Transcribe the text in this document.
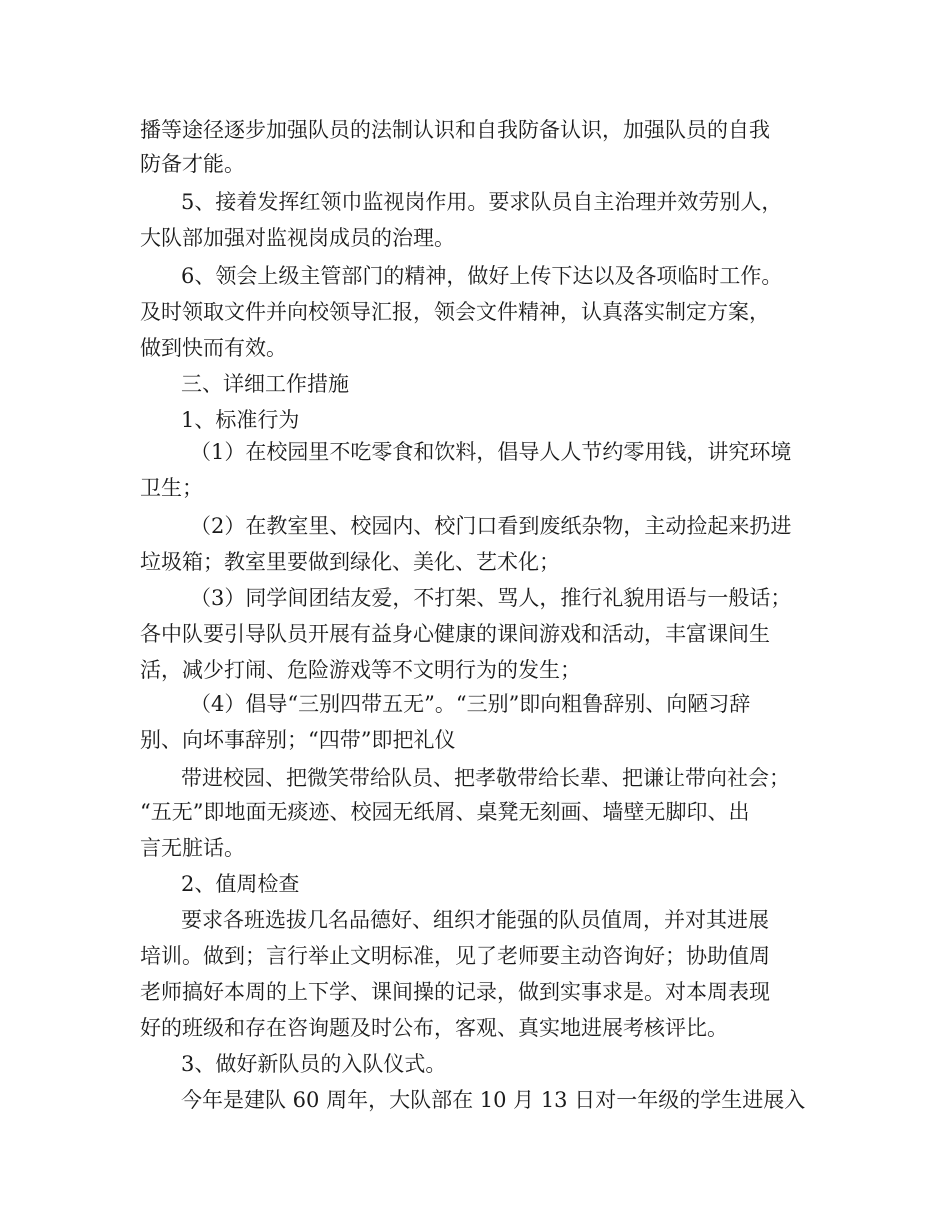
播等途径逐步加强队员的法制认识和自我防备认识，加强队员的自我
防备才能。
5、接着发挥红领巾监视岗作用。要求队员自主治理并效劳别人，
大队部加强对监视岗成员的治理。
6、领会上级主管部门的精神，做好上传下达以及各项临时工作。
及时领取文件并向校领导汇报，领会文件精神，认真落实制定方案，
做到快而有效。
三、详细工作措施
1、标准行为
（1）在校园里不吃零食和饮料，倡导人人节约零用钱，讲究环境
卫生；
（2）在教室里、校园内、校门口看到废纸杂物，主动捡起来扔进
垃圾箱；教室里要做到绿化、美化、艺术化；
（3）同学间团结友爱，不打架、骂人，推行礼貌用语与一般话；
各中队要引导队员开展有益身心健康的课间游戏和活动，丰富课间生
活，减少打闹、危险游戏等不文明行为的发生；
（4）倡导“三别四带五无”。“三别”即向粗鲁辞别、向陋习辞
别、向坏事辞别；“四带”即把礼仪
带进校园、把微笑带给队员、把孝敬带给长辈、把谦让带向社会；
“五无”即地面无痰迹、校园无纸屑、桌凳无刻画、墙壁无脚印、出
言无脏话。
2、值周检查
要求各班选拔几名品德好、组织才能强的队员值周，并对其进展
培训。做到；言行举止文明标准，见了老师要主动咨询好；协助值周
老师搞好本周的上下学、课间操的记录，做到实事求是。对本周表现
好的班级和存在咨询题及时公布，客观、真实地进展考核评比。
3、做好新队员的入队仪式。
今年是建队 60 周年，大队部在 10 月 13 日对一年级的学生进展入
